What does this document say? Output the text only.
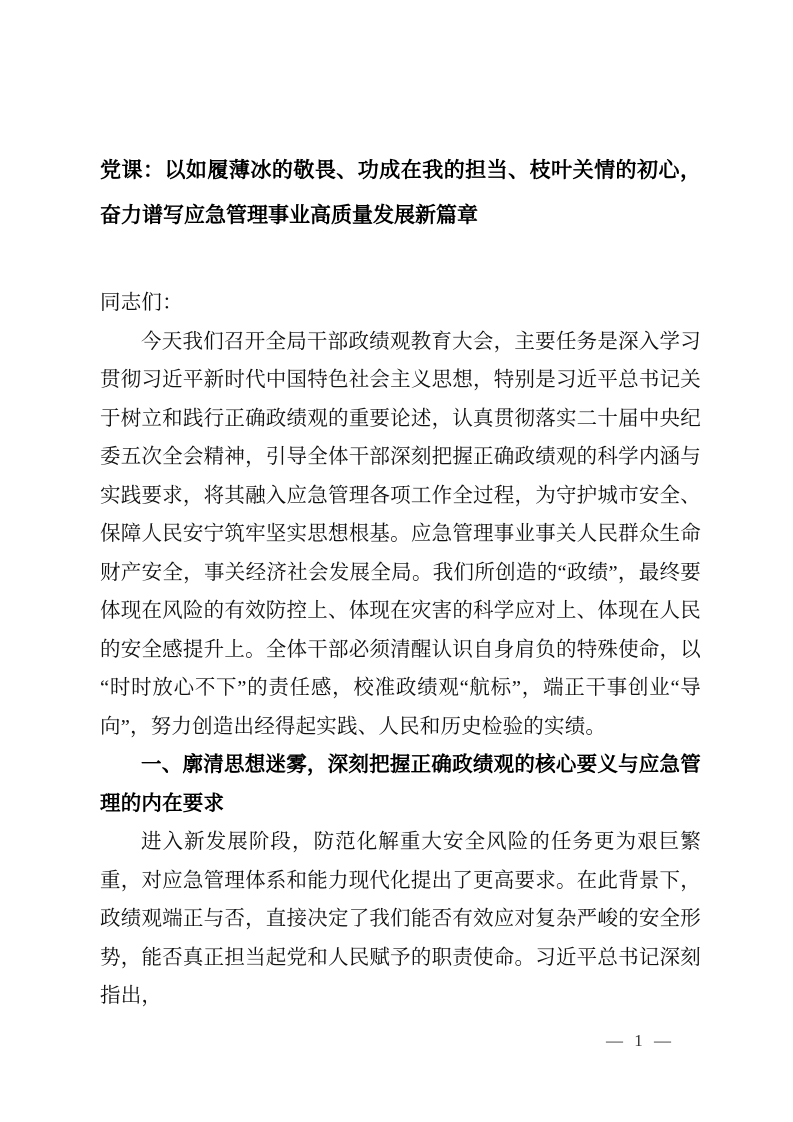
党课：以如履薄冰的敬畏、功成在我的担当、枝叶关情的初心，奋力谱写应急管理事业高质量发展新篇章

同志们：

今天我们召开全局干部政绩观教育大会，主要任务是深入学习贯彻习近平新时代中国特色社会主义思想，特别是习近平总书记关于树立和践行正确政绩观的重要论述，认真贯彻落实二十届中央纪委五次全会精神，引导全体干部深刻把握正确政绩观的科学内涵与实践要求，将其融入应急管理各项工作全过程，为守护城市安全、保障人民安宁筑牢坚实思想根基。应急管理事业事关人民群众生命财产安全，事关经济社会发展全局。我们所创造的“政绩”，最终要体现在风险的有效防控上、体现在灾害的科学应对上、体现在人民的安全感提升上。全体干部必须清醒认识自身肩负的特殊使命，以“时时放心不下”的责任感，校准政绩观“航标”，端正干事创业“导向”，努力创造出经得起实践、人民和历史检验的实绩。

一、廓清思想迷雾，深刻把握正确政绩观的核心要义与应急管理的内在要求

进入新发展阶段，防范化解重大安全风险的任务更为艰巨繁重，对应急管理体系和能力现代化提出了更高要求。在此背景下，政绩观端正与否，直接决定了我们能否有效应对复杂严峻的安全形势，能否真正担当起党和人民赋予的职责使命。习近平总书记深刻指出，

— 1 —
